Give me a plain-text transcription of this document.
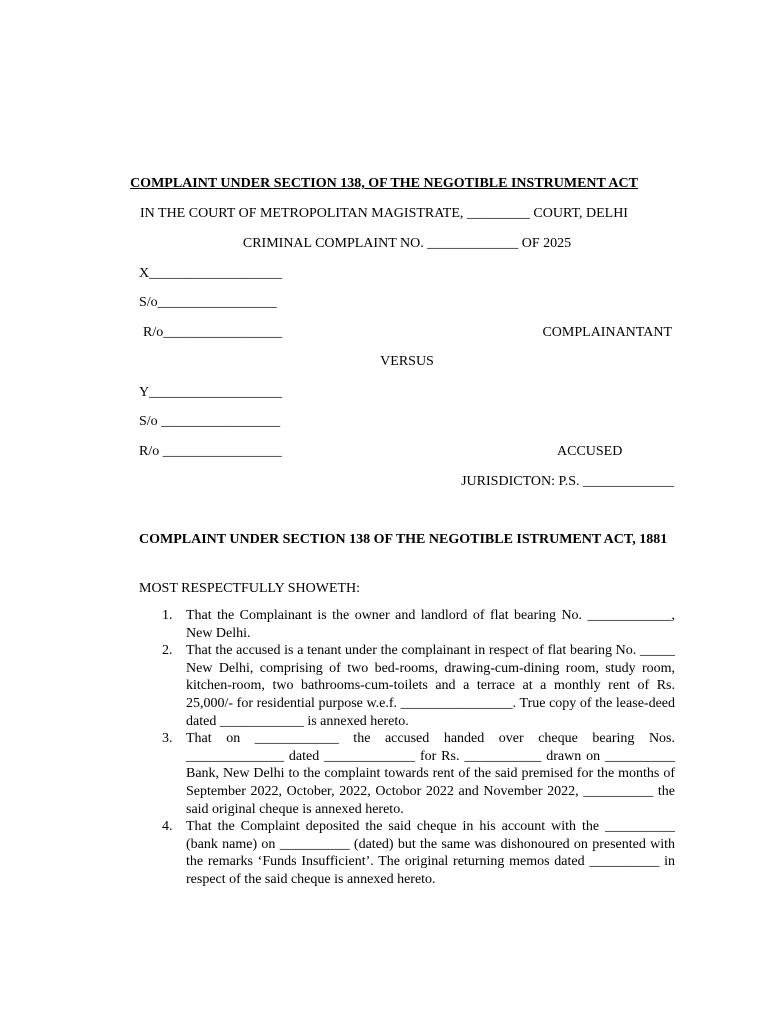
COMPLAINT UNDER SECTION 138, OF THE NEGOTIBLE INSTRUMENT ACT
IN THE COURT OF METROPOLITAN MAGISTRATE, _________ COURT, DELHI
CRIMINAL COMPLAINT NO. _____________ OF 2025
X___________________
S/o_________________
R/o_________________	COMPLAINANTANT
VERSUS
Y___________________
S/o _________________
R/o _________________	ACCUSED
JURISDICTON: P.S. _____________
COMPLAINT UNDER SECTION 138 OF THE NEGOTIBLE ISTRUMENT ACT, 1881
MOST RESPECTFULLY SHOWETH:
1. That the Complainant is the owner and landlord of flat bearing No. ____________, New Delhi.
2. That the accused is a tenant under the complainant in respect of flat bearing No. _____ New Delhi, comprising of two bed-rooms, drawing-cum-dining room, study room, kitchen-room, two bathrooms-cum-toilets and a terrace at a monthly rent of Rs. 25,000/- for residential purpose w.e.f. ________________. True copy of the lease-deed dated ____________ is annexed hereto.
3. That on ____________ the accused handed over cheque bearing Nos. ______________ dated _____________ for Rs. ___________ drawn on __________ Bank, New Delhi to the complaint towards rent of the said premised for the months of September 2022, October, 2022, Octobor 2022 and November 2022, __________ the said original cheque is annexed hereto.
4. That the Complaint deposited the said cheque in his account with the __________ (bank name) on __________ (dated) but the same was dishonoured on presented with the remarks ‘Funds Insufficient’. The original returning memos dated __________ in respect of the said cheque is annexed hereto.
